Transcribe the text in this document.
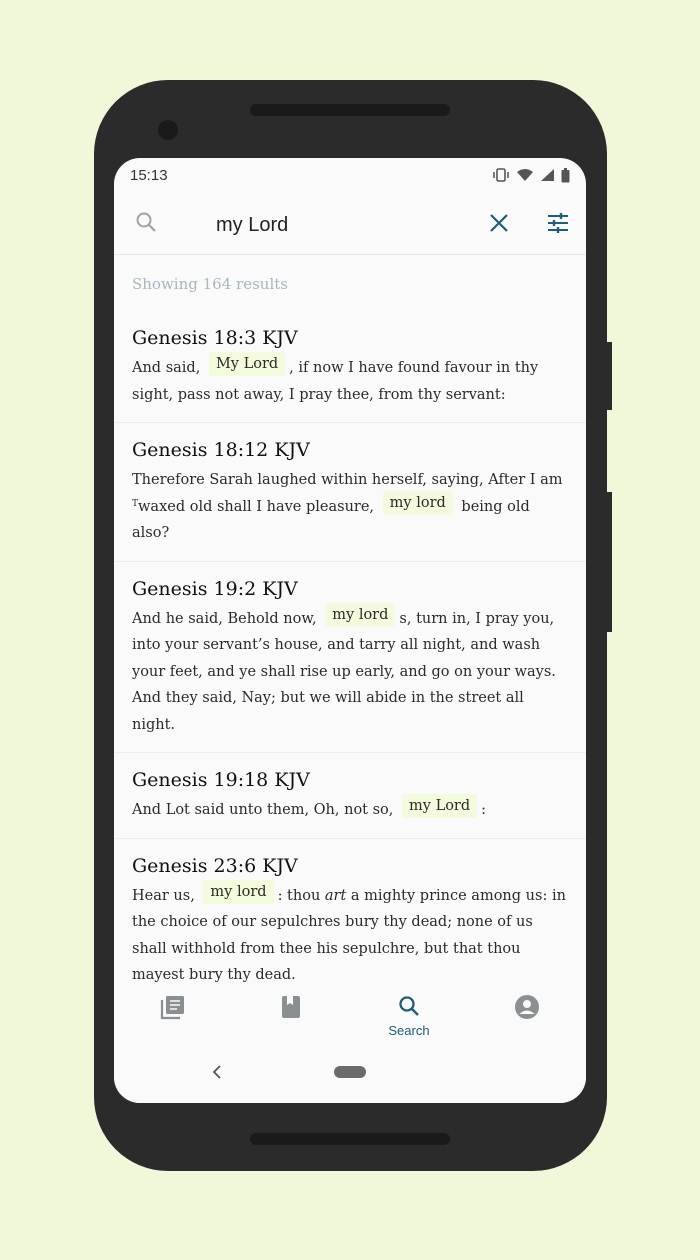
15:13
my Lord
Showing 164 results
Genesis 18:3 KJV

And said, My Lord , if now I have found favour in thy sight, pass not away, I pray thee, from thy servant:

Genesis 18:12 KJV

Therefore Sarah laughed within herself, saying, After I am $^T$waxed old shall I have pleasure, my lord being old also?

Genesis 19:2 KJV

And he said, Behold now, my lord s, turn in, I pray you, into your servant’s house, and tarry all night, and wash your feet, and ye shall rise up early, and go on your ways. And they said, Nay; but we will abide in the street all night.

Genesis 19:18 KJV

And Lot said unto them, Oh, not so, my Lord :

Genesis 23:6 KJV

Hear us, my lord : thou art a mighty prince among us: in the choice of our sepulchres bury thy dead; none of us shall withhold from thee his sepulchre, but that thou mayest bury thy dead.

Search
